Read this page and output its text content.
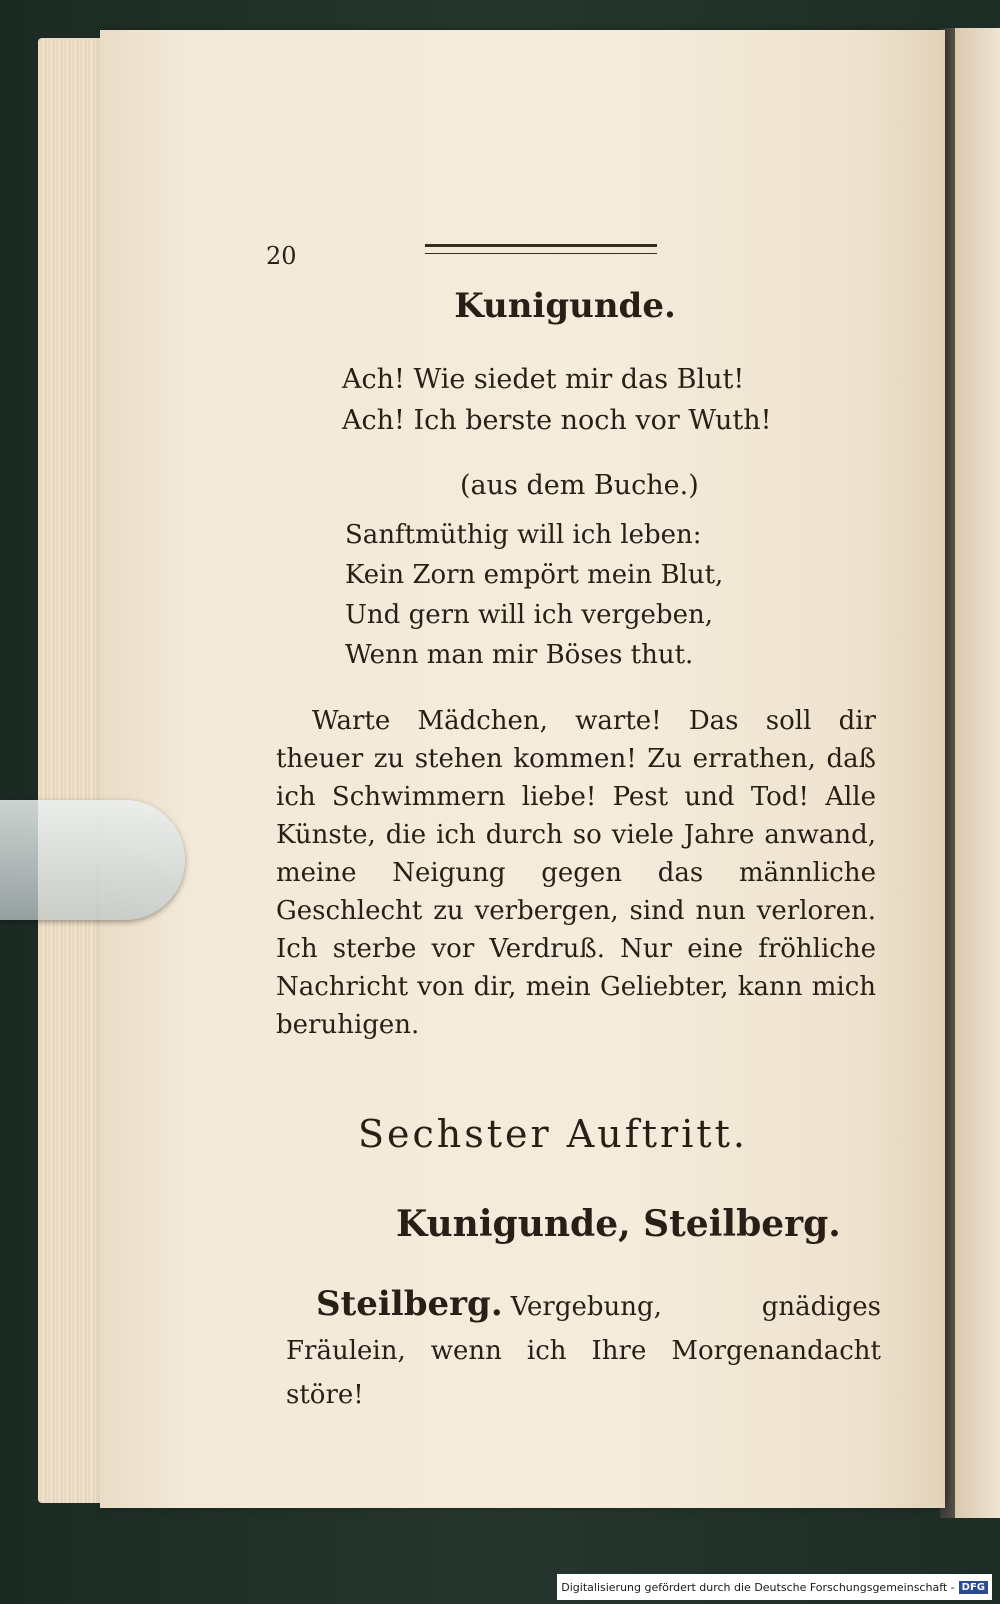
20
Kunigunde.
Ach! Wie siedet mir das Blut!
Ach! Ich berste noch vor Wuth!
(aus dem Buche.)
Sanftmüthig will ich leben:
Kein Zorn empört mein Blut,
Und gern will ich vergeben,
Wenn man mir Böses thut.

Warte Mädchen, warte! Das soll dir theuer zu stehen kommen! Zu errathen, daß ich Schwimmern liebe! Pest und Tod! Alle Künste, die ich durch so viele Jahre anwand, meine Neigung gegen das männliche Geschlecht zu verbergen, sind nun verloren. Ich sterbe vor Verdruß. Nur eine fröhliche Nachricht von dir, mein Geliebter, kann mich beruhigen.

Sechster Auftritt.
Kunigunde, Steilberg.
Steilberg. Vergebung, gnädiges Fräulein, wenn ich Ihre Morgenandacht störe!
Digitalisierung gefördert durch die Deutsche Forschungsgemeinschaft - DFG
